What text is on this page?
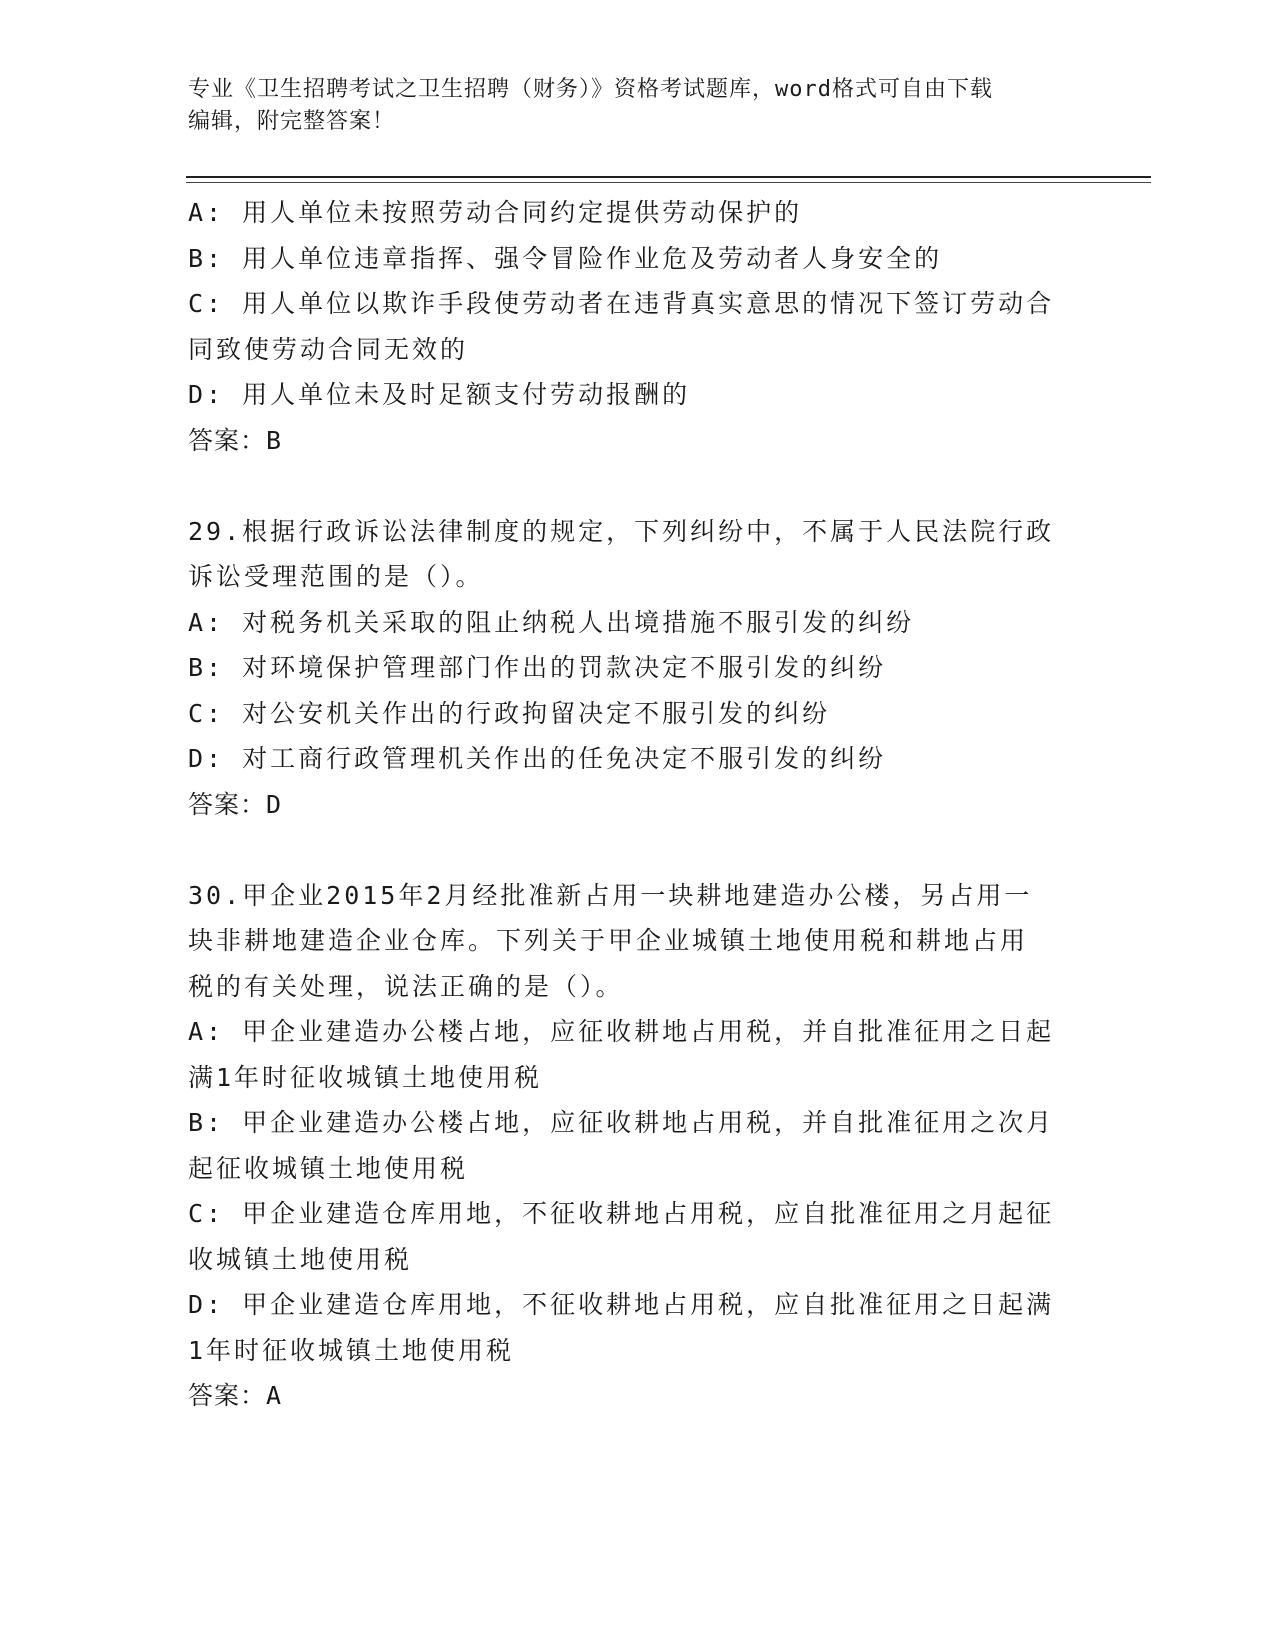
专业《卫生招聘考试之卫生招聘（财务）》资格考试题库，word格式可自由下载
编辑，附完整答案！
A: 用人单位未按照劳动合同约定提供劳动保护的
B: 用人单位违章指挥、强令冒险作业危及劳动者人身安全的
C: 用人单位以欺诈手段使劳动者在违背真实意思的情况下签订劳动合
同致使劳动合同无效的
D: 用人单位未及时足额支付劳动报酬的
答案：B
29.根据行政诉讼法律制度的规定，下列纠纷中，不属于人民法院行政
诉讼受理范围的是（）。
A: 对税务机关采取的阻止纳税人出境措施不服引发的纠纷
B: 对环境保护管理部门作出的罚款决定不服引发的纠纷
C: 对公安机关作出的行政拘留决定不服引发的纠纷
D: 对工商行政管理机关作出的任免决定不服引发的纠纷
答案：D
30.甲企业2015年2月经批准新占用一块耕地建造办公楼，另占用一
块非耕地建造企业仓库。下列关于甲企业城镇土地使用税和耕地占用
税的有关处理，说法正确的是（）。
A: 甲企业建造办公楼占地，应征收耕地占用税，并自批准征用之日起
满1年时征收城镇土地使用税
B: 甲企业建造办公楼占地，应征收耕地占用税，并自批准征用之次月
起征收城镇土地使用税
C: 甲企业建造仓库用地，不征收耕地占用税，应自批准征用之月起征
收城镇土地使用税
D: 甲企业建造仓库用地，不征收耕地占用税，应自批准征用之日起满
1年时征收城镇土地使用税
答案：A
